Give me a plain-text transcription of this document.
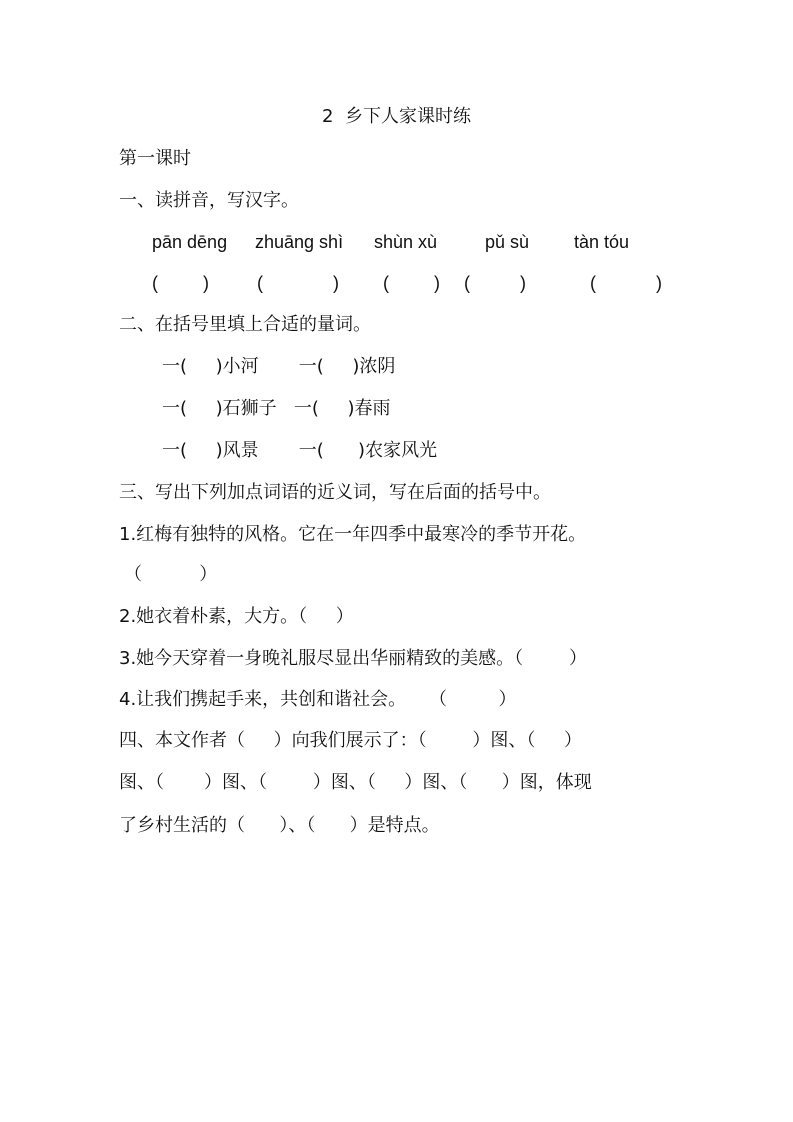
2  乡下人家课时练
第一课时
一、读拼音，写汉字。
pān dēng zhuāng shì shùn xù	pǔ sù tàn tóu
(         )	(              ) (         ) (          )	(            )
二、在括号里填上合适的量词。
一(     )小河       一(     )浓阴
一(     )石狮子   一(     )春雨
一(     )风景       一(      )农家风光
三、写出下列加点词语的近义词，写在后面的括号中。
1.红梅有独特的风格。它在一年四季中最寒冷的季节开花。
（          ）
2.她衣着朴素，大方。（     ）
3.她今天穿着一身晚礼服尽显出华丽精致的美感。（        ）
4.让我们携起手来，共创和谐社会。    （         ）
四、本文作者（     ）向我们展示了：（        ）图、（     ）
图、（       ）图、（        ）图、（     ）图、（      ）图，体现
了乡村生活的（      ）、（      ）是特点。
